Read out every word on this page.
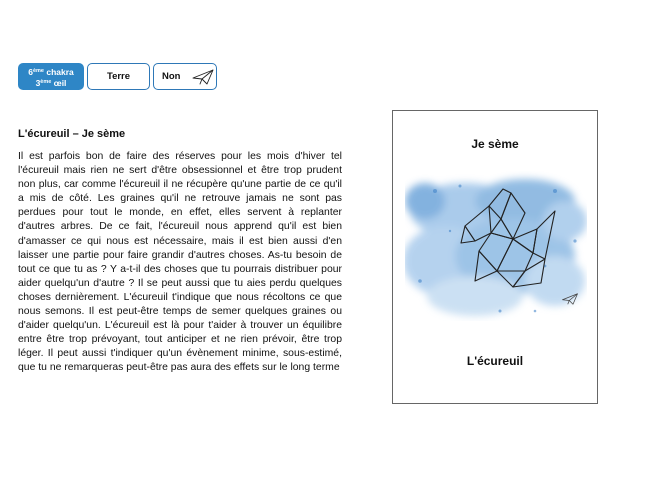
6ème chakra
3ème œil
Terre	Non
L'écureuil – Je sème

Il est parfois bon de faire des réserves pour les mois d'hiver tel l'écureuil mais rien ne sert d'être obsessionnel et être trop prudent non plus, car comme l'écureuil il ne récupère qu'une partie de ce qu'il a mis de côté. Les graines qu'il ne retrouve jamais ne sont pas perdues pour tout le monde, en effet, elles servent à replanter d'autres arbres. De ce fait, l'écureuil nous apprend qu'il est bien d'amasser ce qui nous est nécessaire, mais il est bien aussi d'en laisser une partie pour faire grandir d'autres choses. As-tu besoin de tout ce que tu as ? Y a-t-il des choses que tu pourrais distribuer pour aider quelqu'un d'autre ? Il se peut aussi que tu aies perdu quelques choses dernièrement. L'écureuil t'indique que nous récoltons ce que nous semons. Il est peut-être temps de semer quelques graines ou d'aider quelqu'un. L'écureuil est là pour t'aider à trouver un équilibre entre être trop prévoyant, tout anticiper et ne rien prévoir, être trop léger. Il peut aussi t'indiquer qu'un évènement minime, sous-estimé, que tu ne remarqueras peut-être pas aura des effets sur le long terme

Je sème
L'écureuil
